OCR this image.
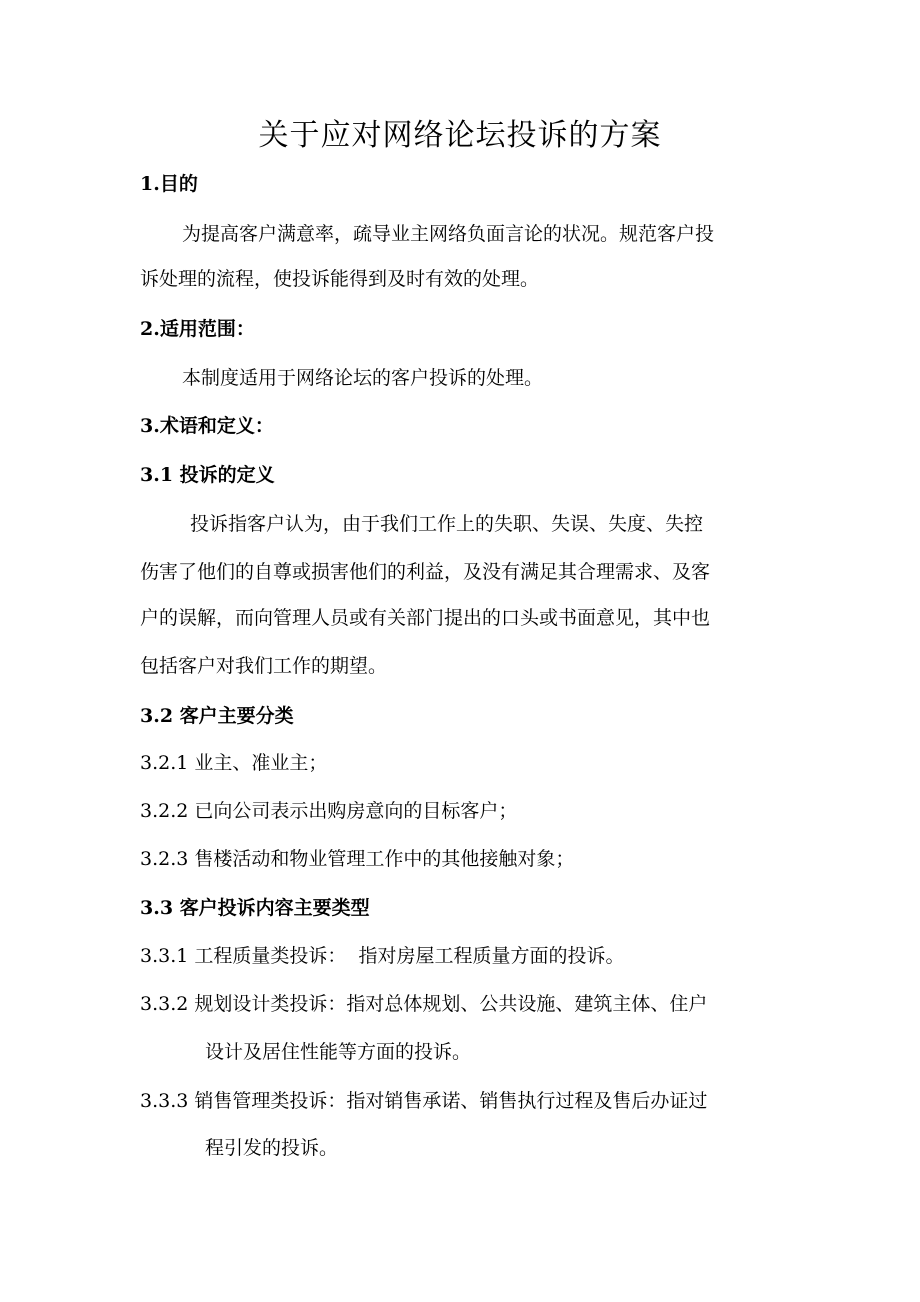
关于应对网络论坛投诉的方案
1.目的
为提高客户满意率，疏导业主网络负面言论的状况。规范客户投
诉处理的流程，使投诉能得到及时有效的处理。
2.适用范围：
本制度适用于网络论坛的客户投诉的处理。
3.术语和定义：
3.1 投诉的定义
投诉指客户认为，由于我们工作上的失职、失误、失度、失控
伤害了他们的自尊或损害他们的利益，及没有满足其合理需求、及客
户的误解，而向管理人员或有关部门提出的口头或书面意见，其中也
包括客户对我们工作的期望。
3.2 客户主要分类
3.2.1 业主、准业主；
3.2.2 已向公司表示出购房意向的目标客户；
3.2.3 售楼活动和物业管理工作中的其他接触对象；
3.3 客户投诉内容主要类型
3.3.1 工程质量类投诉：  指对房屋工程质量方面的投诉。
3.3.2 规划设计类投诉：指对总体规划、公共设施、建筑主体、住户
设计及居住性能等方面的投诉。
3.3.3 销售管理类投诉：指对销售承诺、销售执行过程及售后办证过
程引发的投诉。
